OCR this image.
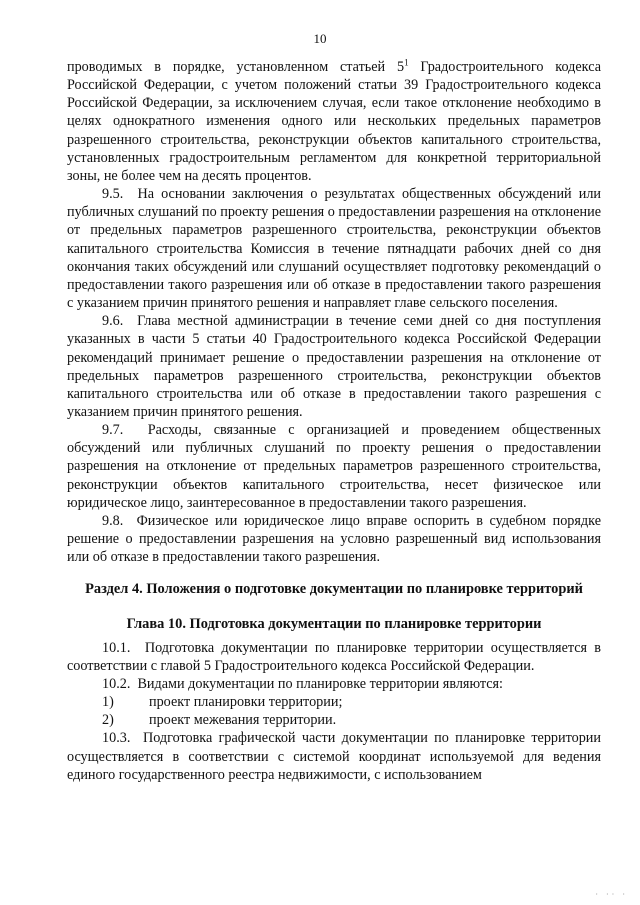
10

проводимых в порядке, установленном статьей $5^1$ Градостроительного кодекса Российской Федерации, с учетом положений статьи 39 Градостроительного кодекса Российской Федерации, за исключением случая, если такое отклонение необходимо в целях однократного изменения одного или нескольких предельных параметров разрешенного строительства, реконструкции объектов капитального строительства, установленных градостроительным регламентом для конкретной территориальной зоны, не более чем на десять процентов.

9.5.  На основании заключения о результатах общественных обсуждений или публичных слушаний по проекту решения о предоставлении разрешения на отклонение от предельных параметров разрешенного строительства, реконструкции объектов капитального строительства Комиссия в течение пятнадцати рабочих дней со дня окончания таких обсуждений или слушаний осуществляет подготовку рекомендаций о предоставлении такого разрешения или об отказе в предоставлении такого разрешения с указанием причин принятого решения и направляет главе сельского поселения.

9.6.  Глава местной администрации в течение семи дней со дня поступления указанных в части 5 статьи 40 Градостроительного кодекса Российской Федерации рекомендаций принимает решение о предоставлении разрешения на отклонение от предельных параметров разрешенного строительства, реконструкции объектов капитального строительства или об отказе в предоставлении такого разрешения с указанием причин принятого решения.

9.7.  Расходы, связанные с организацией и проведением общественных обсуждений или публичных слушаний по проекту решения о предоставлении разрешения на отклонение от предельных параметров разрешенного строительства, реконструкции объектов капитального строительства, несет физическое или юридическое лицо, заинтересованное в предоставлении такого разрешения.

9.8.  Физическое или юридическое лицо вправе оспорить в судебном порядке решение о предоставлении разрешения на условно разрешенный вид использования или об отказе в предоставлении такого разрешения.

Раздел 4. Положения о подготовке документации по планировке территорий
Глава 10. Подготовка документации по планировке территории

10.1.  Подготовка документации по планировке территории осуществляется в соответствии с главой 5 Градостроительного кодекса Российской Федерации.

10.2.  Видами документации по планировке территории являются:

1)	проект планировки территории;
2)	проект межевания территории.

10.3.  Подготовка графической части документации по планировке территории осуществляется в соответствии с системой координат используемой для ведения единого государственного реестра недвижимости, с использованием

· ·· ·
